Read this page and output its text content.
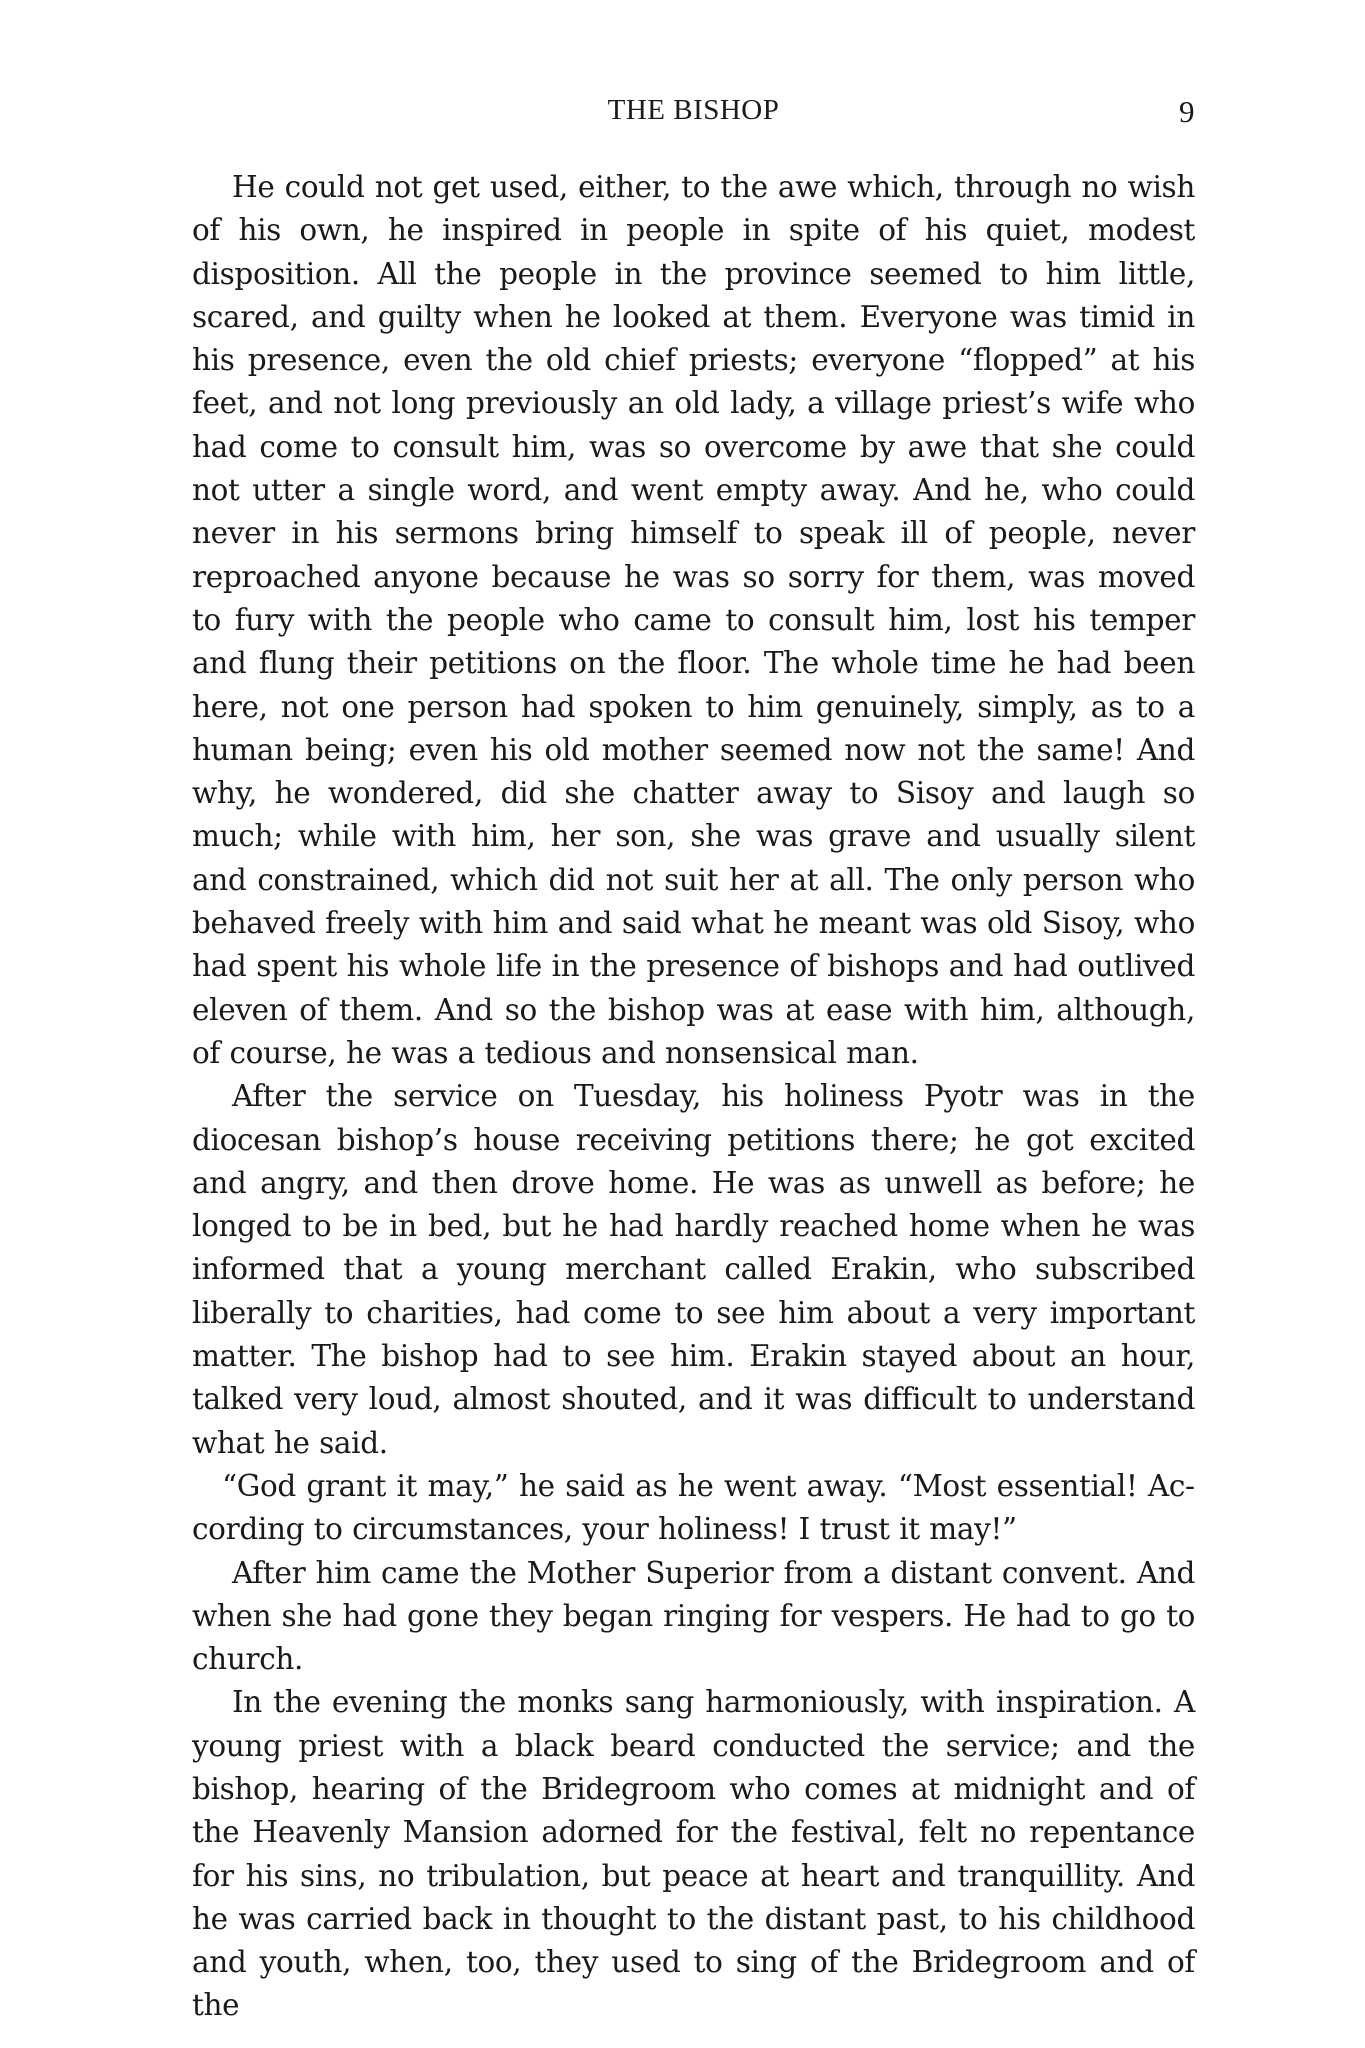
THE BISHOP	9

He could not get used, either, to the awe which, through no wish of his own, he inspired in people in spite of his quiet, modest disposition. All the people in the province seemed to him little, scared, and guilty when he looked at them. Everyone was timid in his presence, even the old chief priests; everyone “flopped” at his feet, and not long previously an old lady, a village priest’s wife who had come to consult him, was so overcome by awe that she could not utter a single word, and went empty away. And he, who could never in his sermons bring himself to speak ill of people, never reproached anyone because he was so sorry for them, was moved to fury with the people who came to consult him, lost his temper and flung their petitions on the floor. The whole time he had been here, not one person had spoken to him genuinely, simply, as to a human being; even his old mother seemed now not the same! And why, he wondered, did she chatter away to Sisoy and laugh so much; while with him, her son, she was grave and usually silent and constrained, which did not suit her at all. The only person who behaved freely with him and said what he meant was old Sisoy, who had spent his whole life in the presence of bishops and had outlived eleven of them. And so the bishop was at ease with him, although, of course, he was a tedious and nonsensical man.

After the service on Tuesday, his holiness Pyotr was in the diocesan bishop’s house receiving petitions there; he got excited and angry, and then drove home. He was as unwell as before; he longed to be in bed, but he had hardly reached home when he was informed that a young merchant called Erakin, who subscribed liberally to charities, had come to see him about a very important matter. The bishop had to see him. Erakin stayed about an hour, talked very loud, almost shouted, and it was difficult to understand what he said.

“God grant it may,” he said as he went away. “Most essential! According to circumstances, your holiness! I trust it may!”

After him came the Mother Superior from a distant convent. And when she had gone they began ringing for vespers. He had to go to church.

In the evening the monks sang harmoniously, with inspiration. A young priest with a black beard conducted the service; and the bishop, hearing of the Bridegroom who comes at midnight and of the Heavenly Mansion adorned for the festival, felt no repentance for his sins, no tribulation, but peace at heart and tranquillity. And he was carried back in thought to the distant past, to his childhood and youth, when, too, they used to sing of the Bridegroom and of the
